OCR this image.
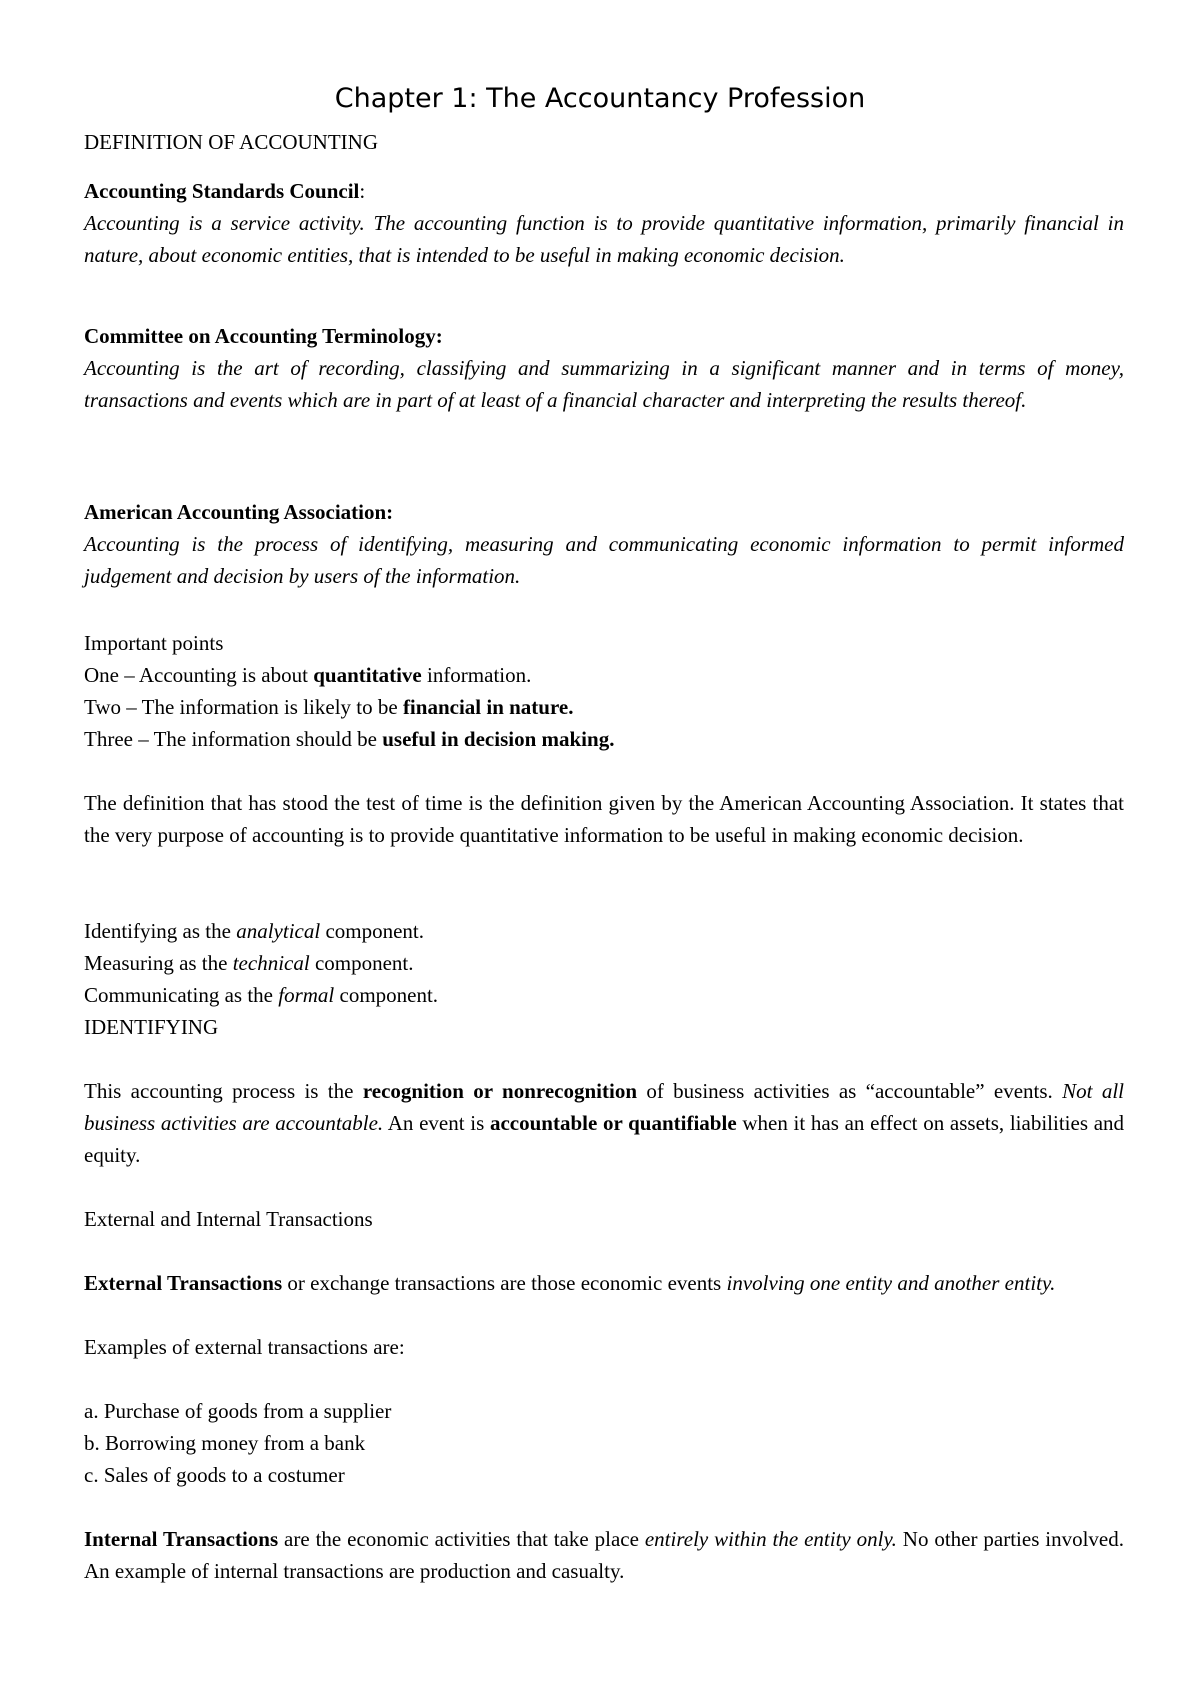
Chapter 1: The Accountancy Profession

DEFINITION OF ACCOUNTING

Accounting Standards Council:
Accounting is a service activity. The accounting function is to provide quantitative information, primarily financial in nature, about economic entities, that is intended to be useful in making economic decision.
Committee on Accounting Terminology:
Accounting is the art of recording, classifying and summarizing in a significant manner and in terms of money, transactions and events which are in part of at least of a financial character and interpreting the results thereof.
American Accounting Association:
Accounting is the process of identifying, measuring and communicating economic information to permit informed judgement and decision by users of the information.
Important points
One – Accounting is about quantitative information.
Two – The information is likely to be financial in nature.
Three – The information should be useful in decision making.

The definition that has stood the test of time is the definition given by the American Accounting Association. It states that the very purpose of accounting is to provide quantitative information to be useful in making economic decision.

Identifying as the analytical component.
Measuring as the technical component.
Communicating as the formal component.
IDENTIFYING

This accounting process is the recognition or nonrecognition of business activities as “accountable” events. Not all business activities are accountable. An event is accountable or quantifiable when it has an effect on assets, liabilities and equity.

External and Internal Transactions

External Transactions or exchange transactions are those economic events involving one entity and another entity.

Examples of external transactions are:

a. Purchase of goods from a supplier
b. Borrowing money from a bank
c. Sales of goods to a costumer

Internal Transactions are the economic activities that take place entirely within the entity only. No other parties involved. An example of internal transactions are production and casualty.
